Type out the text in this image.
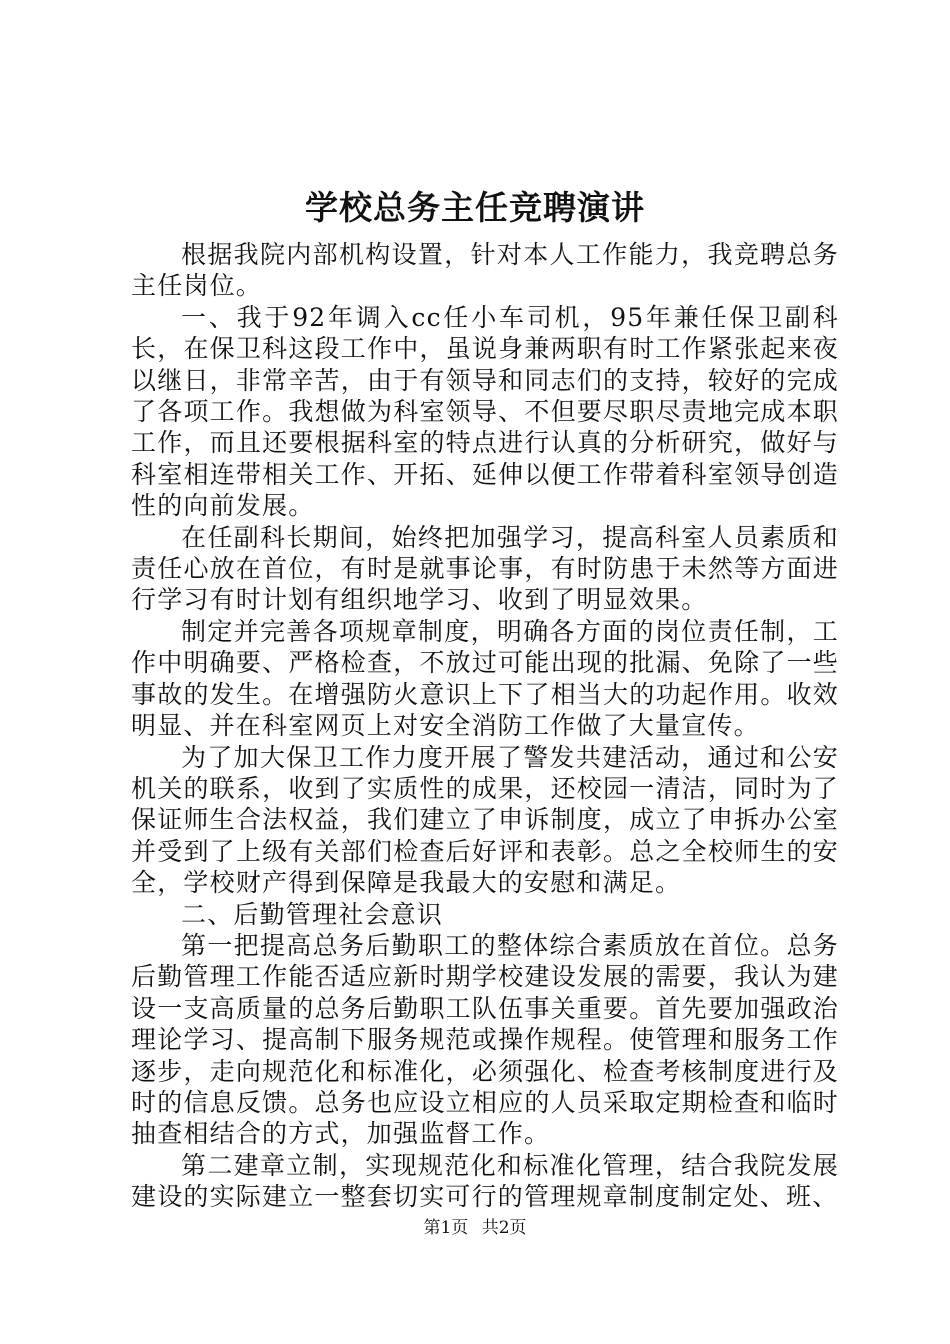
学校总务主任竞聘演讲

根据我院内部机构设置，针对本人工作能力，我竞聘总务主任岗位。

一、我于92年调入cc任小车司机，95年兼任保卫副科长，在保卫科这段工作中，虽说身兼两职有时工作紧张起来夜以继日，非常辛苦，由于有领导和同志们的支持，较好的完成了各项工作。我想做为科室领导、不但要尽职尽责地完成本职工作，而且还要根据科室的特点进行认真的分析研究，做好与科室相连带相关工作、开拓、延伸以便工作带着科室领导创造性的向前发展。

在任副科长期间，始终把加强学习，提高科室人员素质和责任心放在首位，有时是就事论事，有时防患于未然等方面进行学习有时计划有组织地学习、收到了明显效果。

制定并完善各项规章制度，明确各方面的岗位责任制，工作中明确要、严格检查，不放过可能出现的批漏、免除了一些事故的发生。在增强防火意识上下了相当大的功起作用。收效明显、并在科室网页上对安全消防工作做了大量宣传。

为了加大保卫工作力度开展了警发共建活动，通过和公安机关的联系，收到了实质性的成果，还校园一清洁，同时为了保证师生合法权益，我们建立了申诉制度，成立了申拆办公室并受到了上级有关部们检查后好评和表彰。总之全校师生的安全，学校财产得到保障是我最大的安慰和满足。

二、后勤管理社会意识

第一把提高总务后勤职工的整体综合素质放在首位。总务后勤管理工作能否适应新时期学校建设发展的需要，我认为建设一支高质量的总务后勤职工队伍事关重要。首先要加强政治理论学习、提高制下服务规范或操作规程。使管理和服务工作逐步，走向规范化和标准化，必须强化、检查考核制度进行及时的信息反馈。总务也应设立相应的人员采取定期检查和临时抽查相结合的方式，加强监督工作。

第二建章立制，实现规范化和标准化管理，结合我院发展建设的实际建立一整套切实可行的管理规章制度制定处、班、

第1页 共2页
